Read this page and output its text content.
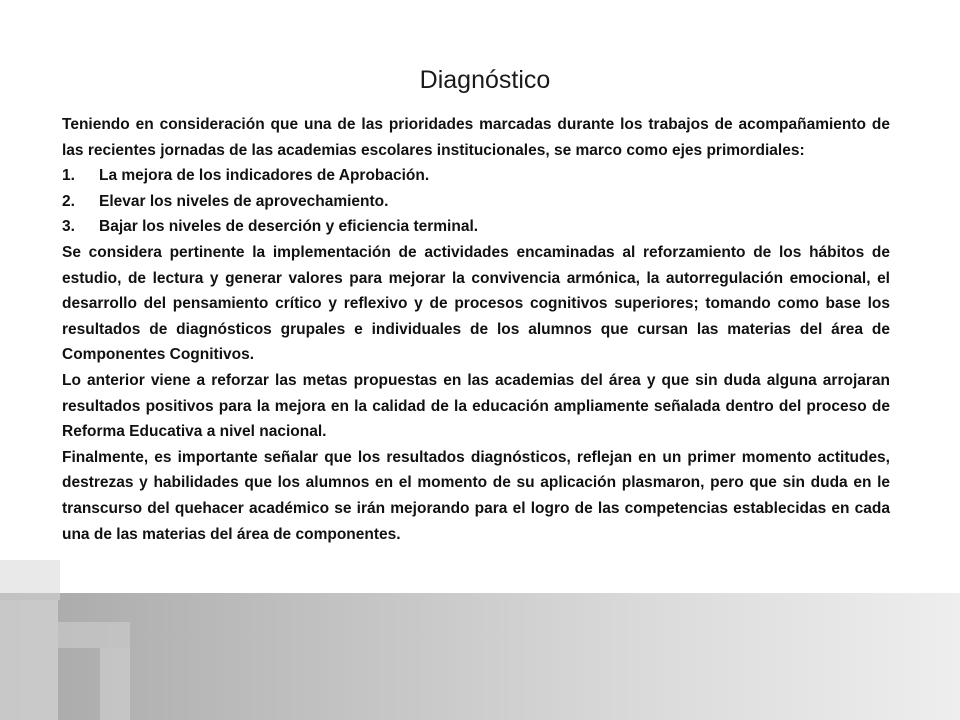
Diagnóstico

Teniendo en consideración que una de las prioridades marcadas durante los trabajos de acompañamiento de las recientes jornadas de las academias escolares institucionales, se marco como ejes primordiales:

1. La mejora de los indicadores de Aprobación.
2. Elevar los niveles de aprovechamiento.
3. Bajar los niveles de deserción y eficiencia terminal.

Se considera pertinente la implementación de actividades encaminadas al reforzamiento de los hábitos de estudio, de lectura y generar valores para mejorar la convivencia armónica, la autorregulación emocional, el desarrollo del pensamiento crítico y reflexivo y de procesos cognitivos superiores; tomando como base los resultados de diagnósticos grupales e individuales de los alumnos que cursan las materias del área de Componentes Cognitivos.

Lo anterior viene a reforzar las metas propuestas en las academias del área y que sin duda alguna arrojaran resultados positivos para la mejora en la calidad de la educación ampliamente señalada dentro del proceso de Reforma Educativa a nivel nacional.

Finalmente, es importante señalar que los resultados diagnósticos, reflejan en un primer momento actitudes, destrezas y habilidades que los alumnos en el momento de su aplicación plasmaron, pero que sin duda en le transcurso del quehacer académico se irán mejorando para el logro de las competencias establecidas en cada una de las materias del área de componentes.
